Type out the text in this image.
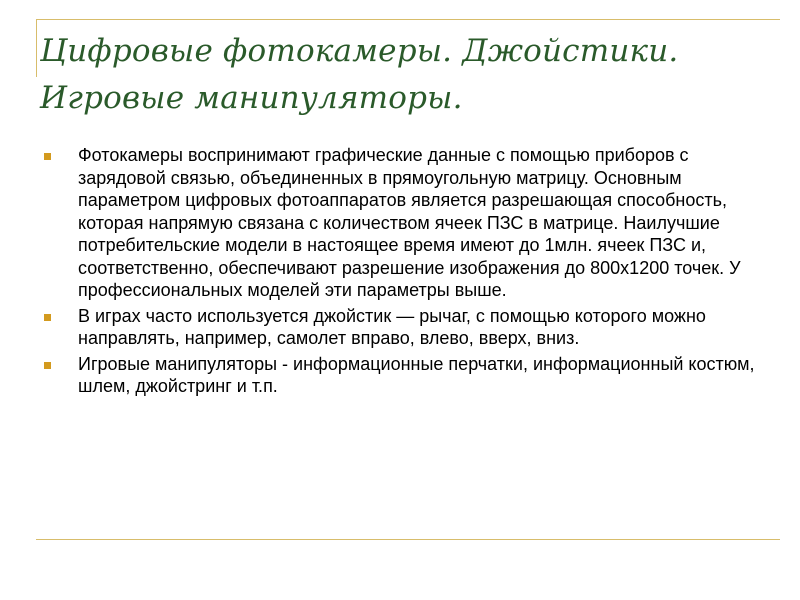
Цифровые фотокамеры. Джойстики.
Игровые манипуляторы.
Фотокамеры воспринимают графические данные с помощью приборов с зарядовой связью, объединенных в прямоугольную матрицу. Основным параметром цифровых фотоаппаратов является разрешающая способность, которая напрямую связана с количеством ячеек ПЗС в матрице. Наилучшие потребительские модели в настоящее время имеют до 1млн. ячеек ПЗС и, соответственно, обеспечивают разрешение изображения до 800х1200 точек. У профессиональных моделей эти параметры выше.
В играх часто используется джойстик — рычаг, с помощью которого можно направлять, например, самолет вправо, влево, вверх, вниз.
Игровые манипуляторы - информационные перчатки, информационный костюм, шлем, джойстринг и т.п.
